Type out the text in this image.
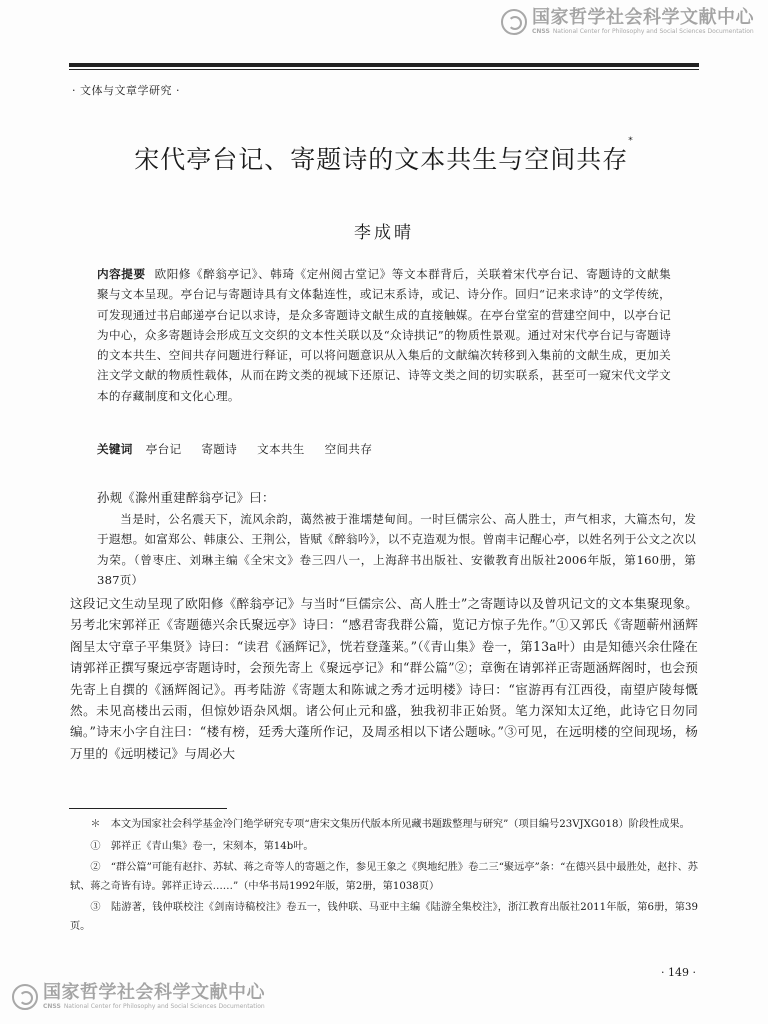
国家哲学社会科学文献中心
CNSS National Center for Philosophy and Social Sciences Documentation
· 文体与文章学研究 ·
宋代亭台记、寄题诗的文本共生与空间共存*
李成晴
内容提要 欧阳修《醉翁亭记》、韩琦《定州阅古堂记》等文本群背后，关联着宋代亭台记、寄题诗的文献集聚与文本呈现。亭台记与寄题诗具有文体黏连性，或记末系诗，或记、诗分作。回归“记来求诗”的文学传统，可发现通过书启邮递亭台记以求诗，是众多寄题诗文献生成的直接触媒。在亭台堂室的营建空间中，以亭台记为中心，众多寄题诗会形成互文交织的文本性关联以及“众诗拱记”的物质性景观。通过对宋代亭台记与寄题诗的文本共生、空间共存问题进行释证，可以将问题意识从入集后的文献编次转移到入集前的文献生成，更加关注文学文献的物质性载体，从而在跨文类的视域下还原记、诗等文类之间的切实联系，甚至可一窥宋代文学文本的存藏制度和文化心理。
关键词 亭台记 寄题诗 文本共生 空间共存
孙觌《滁州重建醉翁亭记》曰：
当是时，公名震天下，流风余韵，蔼然被于淮壖楚甸间。一时巨儒宗公、高人胜士，声气相求，大篇杰句，发于遐想。如富郑公、韩康公、王荆公，皆赋《醉翁吟》，以不克造观为恨。曾南丰记醒心亭，以姓名列于公文之次以为荣。（曾枣庄、刘琳主编《全宋文》卷三四八一，上海辞书出版社、安徽教育出版社2006年版，第160册，第387页）
这段记文生动呈现了欧阳修《醉翁亭记》与当时“巨儒宗公、高人胜士”之寄题诗以及曾巩记文的文本集聚现象。另考北宋郭祥正《寄题德兴余氏聚远亭》诗曰：“感君寄我群公篇，览记方惊子先作。”①又郭氏《寄题蕲州涵辉阁呈太守章子平集贤》诗曰：“读君《涵辉记》，恍若登蓬莱。”（《青山集》卷一，第13a叶）由是知德兴余仕隆在请郭祥正撰写聚远亭寄题诗时，会预先寄上《聚远亭记》和“群公篇”②；章衡在请郭祥正寄题涵辉阁时，也会预先寄上自撰的《涵辉阁记》。再考陆游《寄题太和陈诚之秀才远明楼》诗曰：“宦游再有江西役，南望庐陵每慨然。未见高楼出云雨，但惊妙语杂风烟。诸公何止元和盛，独我初非正始贤。笔力深知太辽绝，此诗它日勿同编。”诗末小字自注曰：“楼有榜，廷秀大蓬所作记，及周丞相以下诸公题咏。”③可见，在远明楼的空间现场，杨万里的《远明楼记》与周必大

＊　本文为国家社会科学基金冷门绝学研究专项“唐宋文集历代版本所见藏书题跋整理与研究”（项目编号23VJXG018）阶段性成果。

①　郭祥正《青山集》卷一，宋刻本，第14b叶。

②　“群公篇”可能有赵抃、苏轼、蒋之奇等人的寄题之作，参见王象之《舆地纪胜》卷二三“聚远亭”条：“在德兴县中最胜处，赵抃、苏轼、蒋之奇皆有诗。郭祥正诗云……”（中华书局1992年版，第2册，第1038页）

③　陆游著，钱仲联校注《剑南诗稿校注》卷五一，钱仲联、马亚中主编《陆游全集校注》，浙江教育出版社2011年版，第6册，第39页。

· 149 ·
国家哲学社会科学文献中心
CNSS National Center for Philosophy and Social Sciences Documentation
